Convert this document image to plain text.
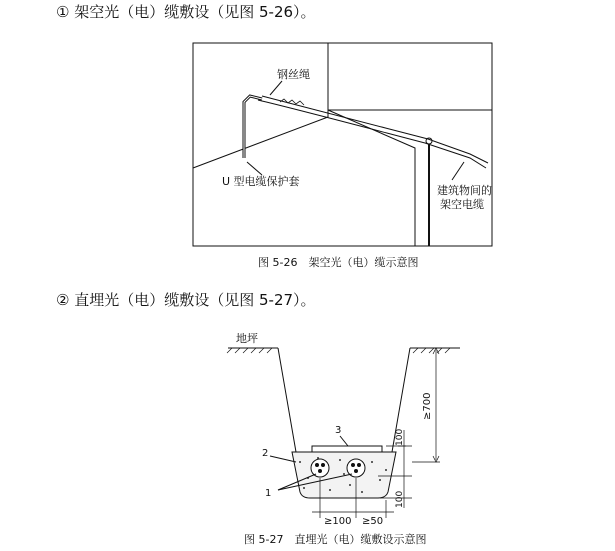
① 架空光（电）缆敷设（见图 5-26）。
图 5-26　架空光（电）缆示意图
② 直埋光（电）缆敷设（见图 5-27）。
图 5-27　直埋光（电）缆敷设示意图
钢丝绳
U 型电缆保护套
建筑物间的
架空电缆
地坪
3
2
1
≥700
100
100
≥100 ≥50
